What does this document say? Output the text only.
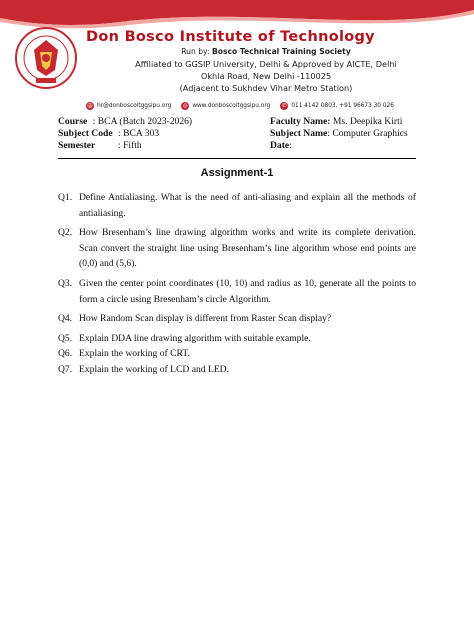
Don Bosco Institute of Technology
Run by: Bosco Technical Training Society
Affiliated to GGSIP University, Delhi & Approved by AICTE, Delhi
Okhla Road, New Delhi -110025
(Adjacent to Sukhdev Vihar Metro Station)
@ hr@donboscoitggsipu.org ◎ www.donboscoitggsipu.org	✆ 011 4142 0803, +91 96673 30 026
Course : BCA (Batch 2023-2026)
Subject Code : BCA 303
Semester : Fifth
Faculty Name: Ms. Deepika Kirti
Subject Name: Computer Graphics
Date:
Assignment-1
Q1. Define Antialiasing. What is the need of anti-aliasing and explain all the methods of antialiasing.
Q2. How Bresenham’s line drawing algorithm works and write its complete derivation. Scan convert the straight line using Bresenham’s line algorithm whose end points are (0,0) and (5,6).
Q3. Given the center point coordinates (10, 10) and radius as 10, generate all the points to form a circle using Bresenham’s circle Algorithm.
Q4. How Random Scan display is different from Raster Scan display?
Q5. Explain DDA line drawing algorithm with suitable example.
Q6. Explain the working of CRT.
Q7. Explain the working of LCD and LED.
